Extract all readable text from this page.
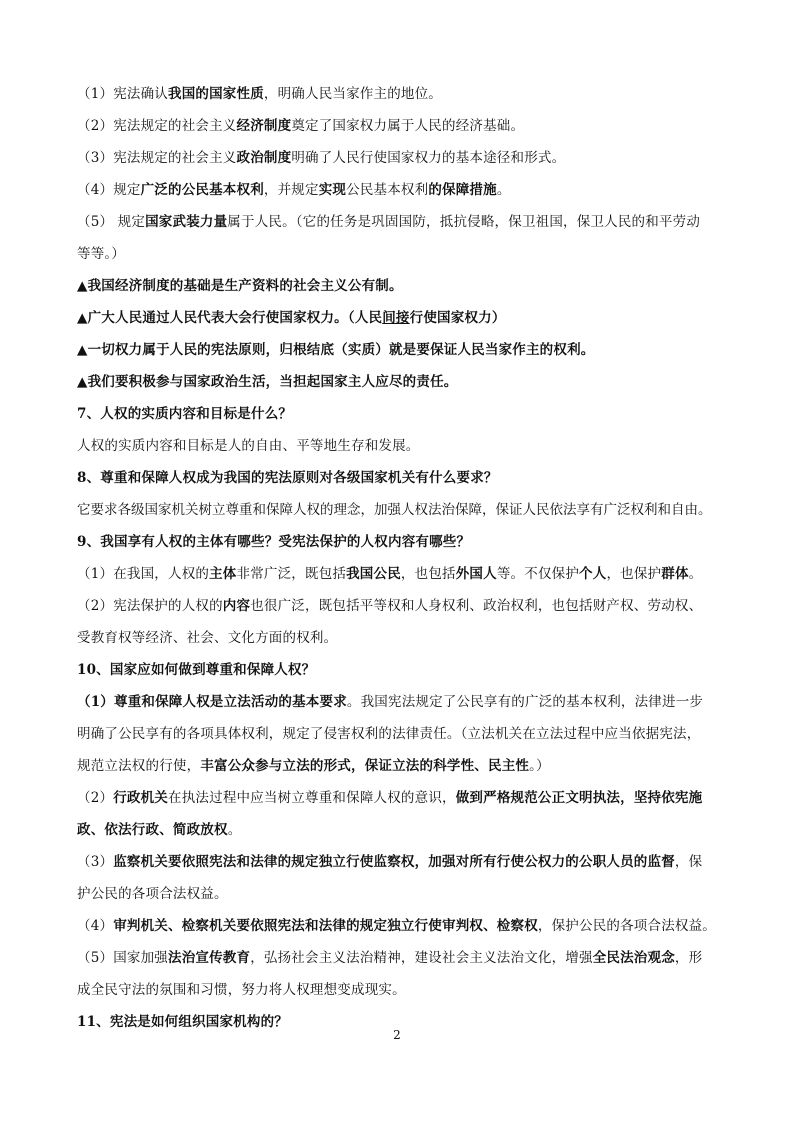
（1）宪法确认我国的国家性质，明确人民当家作主的地位。
（2）宪法规定的社会主义经济制度奠定了国家权力属于人民的经济基础。
（3）宪法规定的社会主义政治制度明确了人民行使国家权力的基本途径和形式。
（4）规定广泛的公民基本权利，并规定实现公民基本权利的保障措施。
（5） 规定国家武装力量属于人民。（它的任务是巩固国防，抵抗侵略，保卫祖国，保卫人民的和平劳动
等等。）
▲我国经济制度的基础是生产资料的社会主义公有制。
▲广大人民通过人民代表大会行使国家权力。（人民间接行使国家权力）
▲一切权力属于人民的宪法原则，归根结底（实质）就是要保证人民当家作主的权利。
▲我们要积极参与国家政治生活，当担起国家主人应尽的责任。
7、人权的实质内容和目标是什么？
人权的实质内容和目标是人的自由、平等地生存和发展。
8、尊重和保障人权成为我国的宪法原则对各级国家机关有什么要求？
它要求各级国家机关树立尊重和保障人权的理念，加强人权法治保障，保证人民依法享有广泛权利和自由。
9、我国享有人权的主体有哪些？受宪法保护的人权内容有哪些？
（1）在我国，人权的主体非常广泛，既包括我国公民，也包括外国人等。不仅保护个人，也保护群体。
（2）宪法保护的人权的内容也很广泛，既包括平等权和人身权利、政治权利，也包括财产权、劳动权、
受教育权等经济、社会、文化方面的权利。
10、国家应如何做到尊重和保障人权？
（1）尊重和保障人权是立法活动的基本要求。我国宪法规定了公民享有的广泛的基本权利，法律进一步
明确了公民享有的各项具体权利，规定了侵害权利的法律责任。（立法机关在立法过程中应当依据宪法，
规范立法权的行使，丰富公众参与立法的形式，保证立法的科学性、民主性。）
（2）行政机关在执法过程中应当树立尊重和保障人权的意识，做到严格规范公正文明执法，坚持依宪施
政、依法行政、简政放权。
（3）监察机关要依照宪法和法律的规定独立行使监察权，加强对所有行使公权力的公职人员的监督，保
护公民的各项合法权益。
（4）审判机关、检察机关要依照宪法和法律的规定独立行使审判权、检察权，保护公民的各项合法权益。
（5）国家加强法治宣传教育，弘扬社会主义法治精神，建设社会主义法治文化，增强全民法治观念，形
成全民守法的氛围和习惯，努力将人权理想变成现实。
11、宪法是如何组织国家机构的？
2
